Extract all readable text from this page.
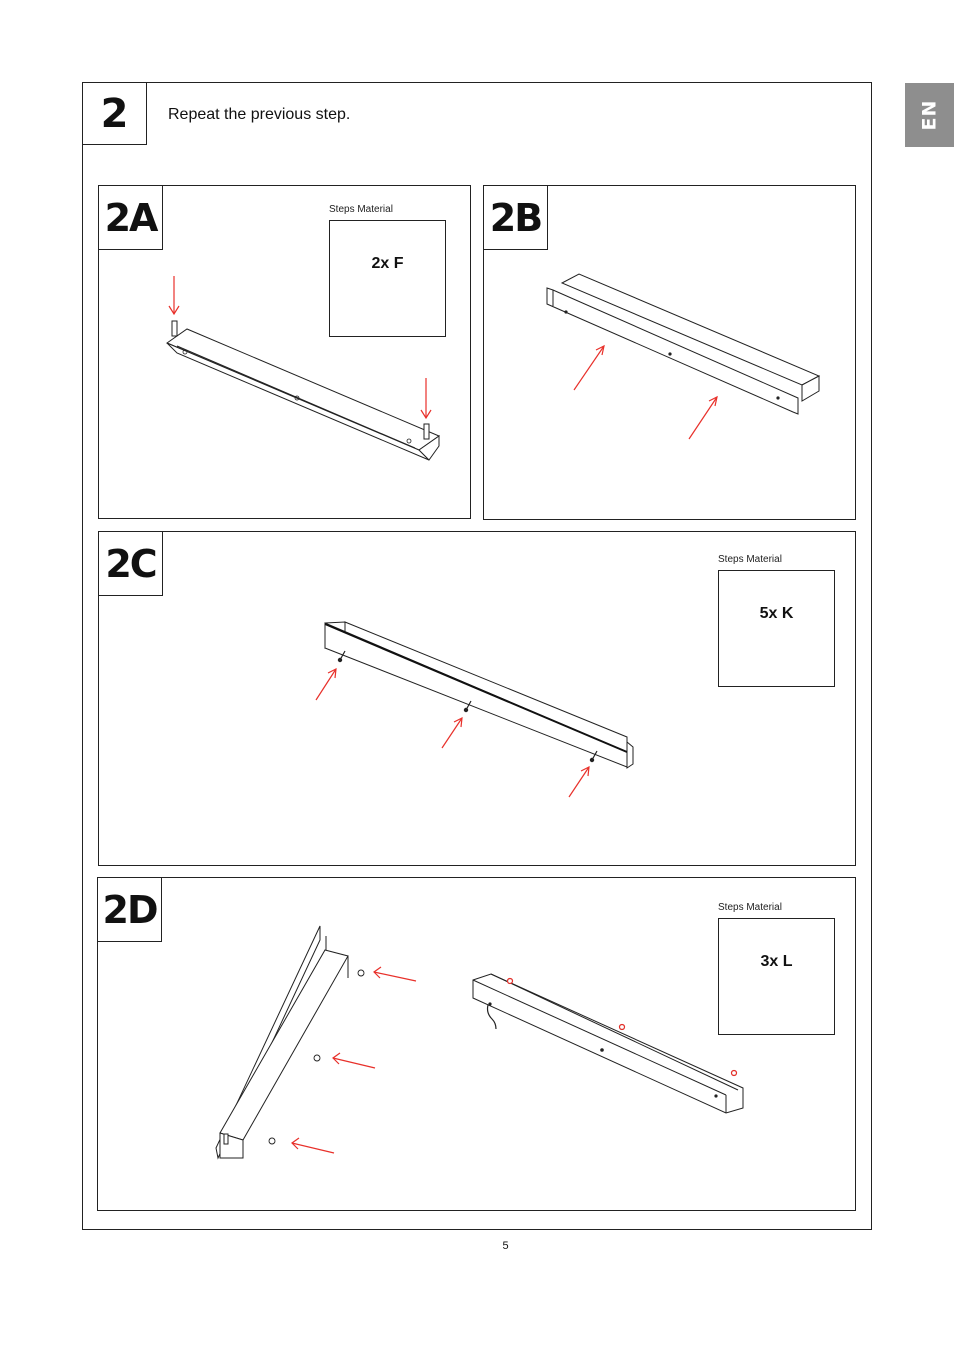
EN
2	Repeat the previous step.
2A	Steps Material
2x F
2B
2C	Steps Material
5x K
2D	Steps Material
3x L
5
